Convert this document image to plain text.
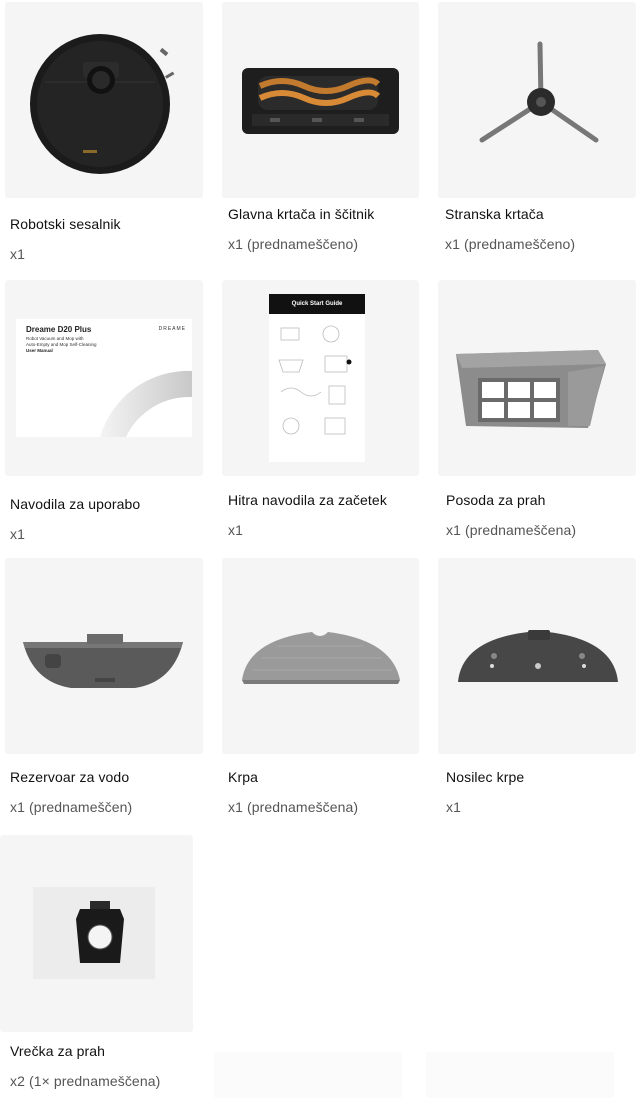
Robotski sesalnik
x1
Glavna krtača in ščitnik
x1 (prednameščeno)
Stranska krtača
x1 (prednameščeno)
Dreame D20 Plus	DREAME
Robot Vacuum and Mop with
Auto-Empty and Mop Self-Cleaning
User Manual
Navodila za uporabo
x1
Quick Start Guide
Hitra navodila za začetek
x1
Posoda za prah
x1 (prednameščena)
Rezervoar za vodo
x1 (prednameščen)
Krpa
x1 (prednameščena)
Nosilec krpe
x1
Vrečka za prah
x2 (1× prednameščena)
